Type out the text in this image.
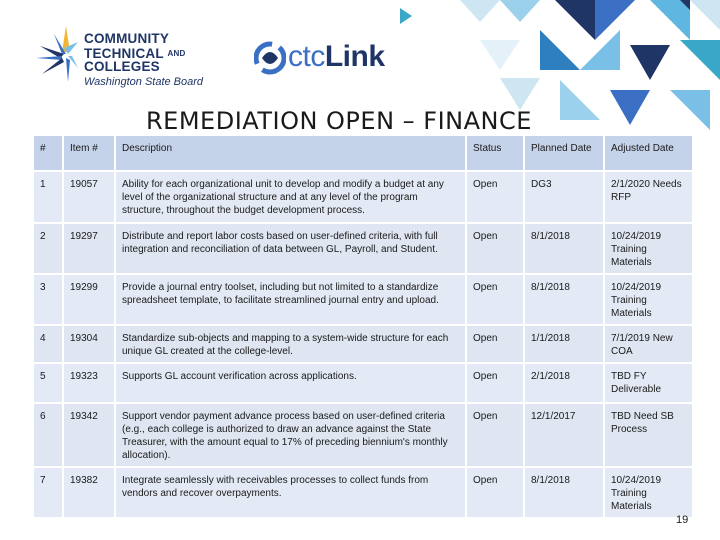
COMMUNITY
TECHNICAL AND COLLEGES
Washington State Board
ctcLink
REMEDIATION OPEN – FINANCE
#	Item #	Description	Status	Planned Date	Adjusted Date
1	19057	Ability for each organizational unit to develop and modify a budget at any level of the organizational structure and at any level of the program structure, throughout the budget development process.	Open	DG3	2/1/2020 Needs RFP
2	19297	Distribute and report labor costs based on user-defined criteria, with full integration and reconciliation of data between GL, Payroll, and Student.	Open	8/1/2018	10/24/2019 Training Materials
3	19299	Provide a journal entry toolset, including but not limited to a standardize spreadsheet template, to facilitate streamlined journal entry and upload.	Open	8/1/2018	10/24/2019 Training Materials
4	19304	Standardize sub-objects and mapping to a system-wide structure for each unique GL created at the college-level.	Open	1/1/2018	7/1/2019 New COA
5	19323	Supports GL account verification across applications.	Open	2/1/2018	TBD FY Deliverable
6	19342	Support vendor payment advance process based on user-defined criteria (e.g., each college is authorized to draw an advance against the State Treasurer, with the amount equal to 17% of preceding biennium's monthly allocation).	Open	12/1/2017	TBD Need SB Process
7	19382	Integrate seamlessly with receivables processes to collect funds from vendors and recover overpayments.	Open	8/1/2018	10/24/2019 Training Materials
19
